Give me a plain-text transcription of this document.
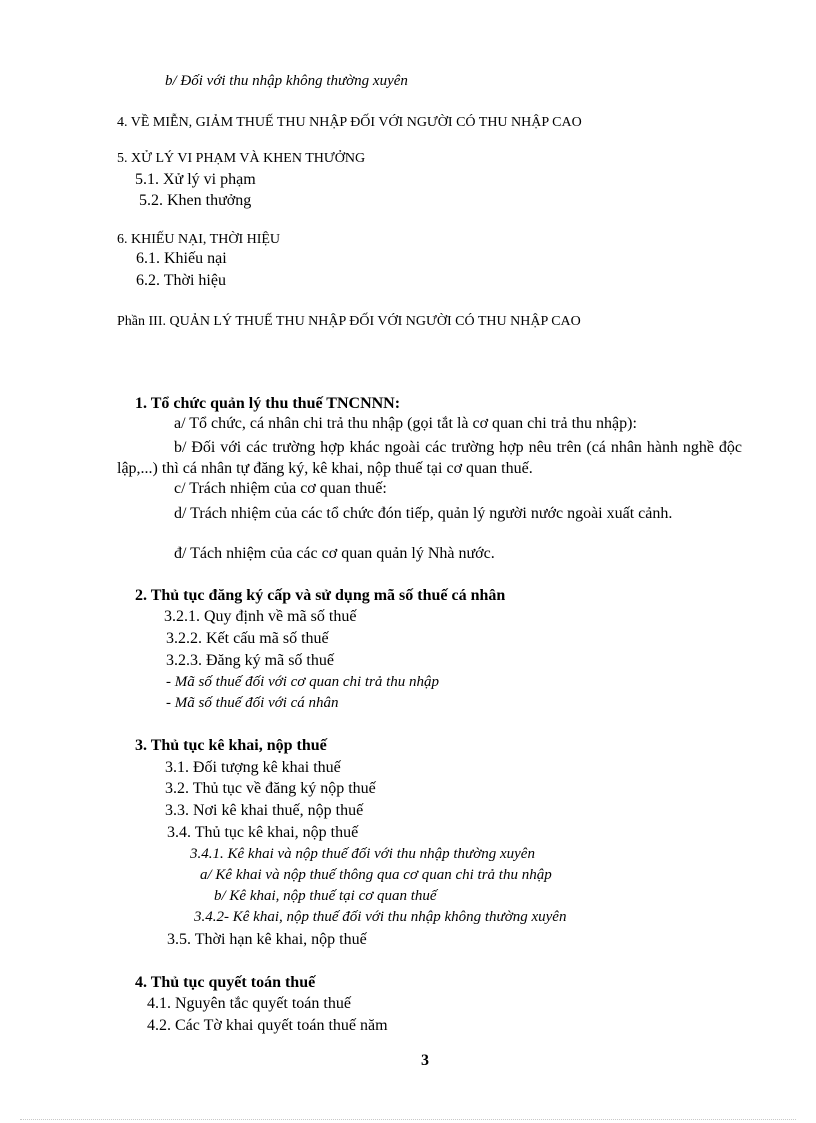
b/ Đối với thu nhập không thường xuyên
4. VỀ MIỄN, GIẢM THUẾ THU NHẬP ĐỐI VỚI NGƯỜI CÓ THU NHẬP CAO
5. XỬ LÝ VI PHẠM VÀ KHEN THƯỞNG
5.1. Xử lý vi phạm
5.2. Khen thưởng
6. KHIẾU NẠI, THỜI HIỆU
6.1. Khiếu nại
6.2. Thời hiệu
Phần III. QUẢN LÝ THUẾ THU NHẬP ĐỐI VỚI NGƯỜI CÓ THU NHẬP CAO
1. Tổ chức quản lý thu thuế TNCNNN:
a/ Tổ chức, cá nhân chi trả thu nhập (gọi tắt là cơ quan chi trả thu nhập):
b/ Đối với các trường hợp khác ngoài các trường hợp nêu trên (cá nhân hành nghề độc lập,...) thì cá nhân tự đăng ký, kê khai, nộp thuế tại cơ quan thuế.
c/ Trách nhiệm của cơ quan thuế:
d/ Trách nhiệm của các tổ chức đón tiếp, quản lý người nước ngoài xuất cảnh.
đ/ Tách nhiệm của các cơ quan quản lý Nhà nước.
2. Thủ tục đăng ký cấp và sử dụng mã số thuế cá nhân
3.2.1. Quy định về mã số thuế
3.2.2. Kết cấu mã số thuế
3.2.3. Đăng ký mã số thuế
- Mã số thuế đối với cơ quan chi trả thu nhập
- Mã số thuế đối với cá nhân
3. Thủ tục kê khai, nộp thuế
3.1. Đối tượng kê khai thuế
3.2. Thủ tục về đăng ký nộp thuế
3.3. Nơi kê khai thuế, nộp thuế
3.4. Thủ tục kê khai, nộp thuế
3.4.1. Kê khai và nộp thuế đối với thu nhập thường xuyên
a/ Kê khai và nộp thuế thông qua cơ quan chi trả thu nhập
b/ Kê khai, nộp thuế tại cơ quan thuế
3.4.2- Kê khai, nộp thuế đối với thu nhập không thường xuyên
3.5. Thời hạn kê khai, nộp thuế
4. Thủ tục quyết toán thuế
4.1. Nguyên tắc quyết toán thuế
4.2. Các Tờ khai quyết toán thuế năm
3
